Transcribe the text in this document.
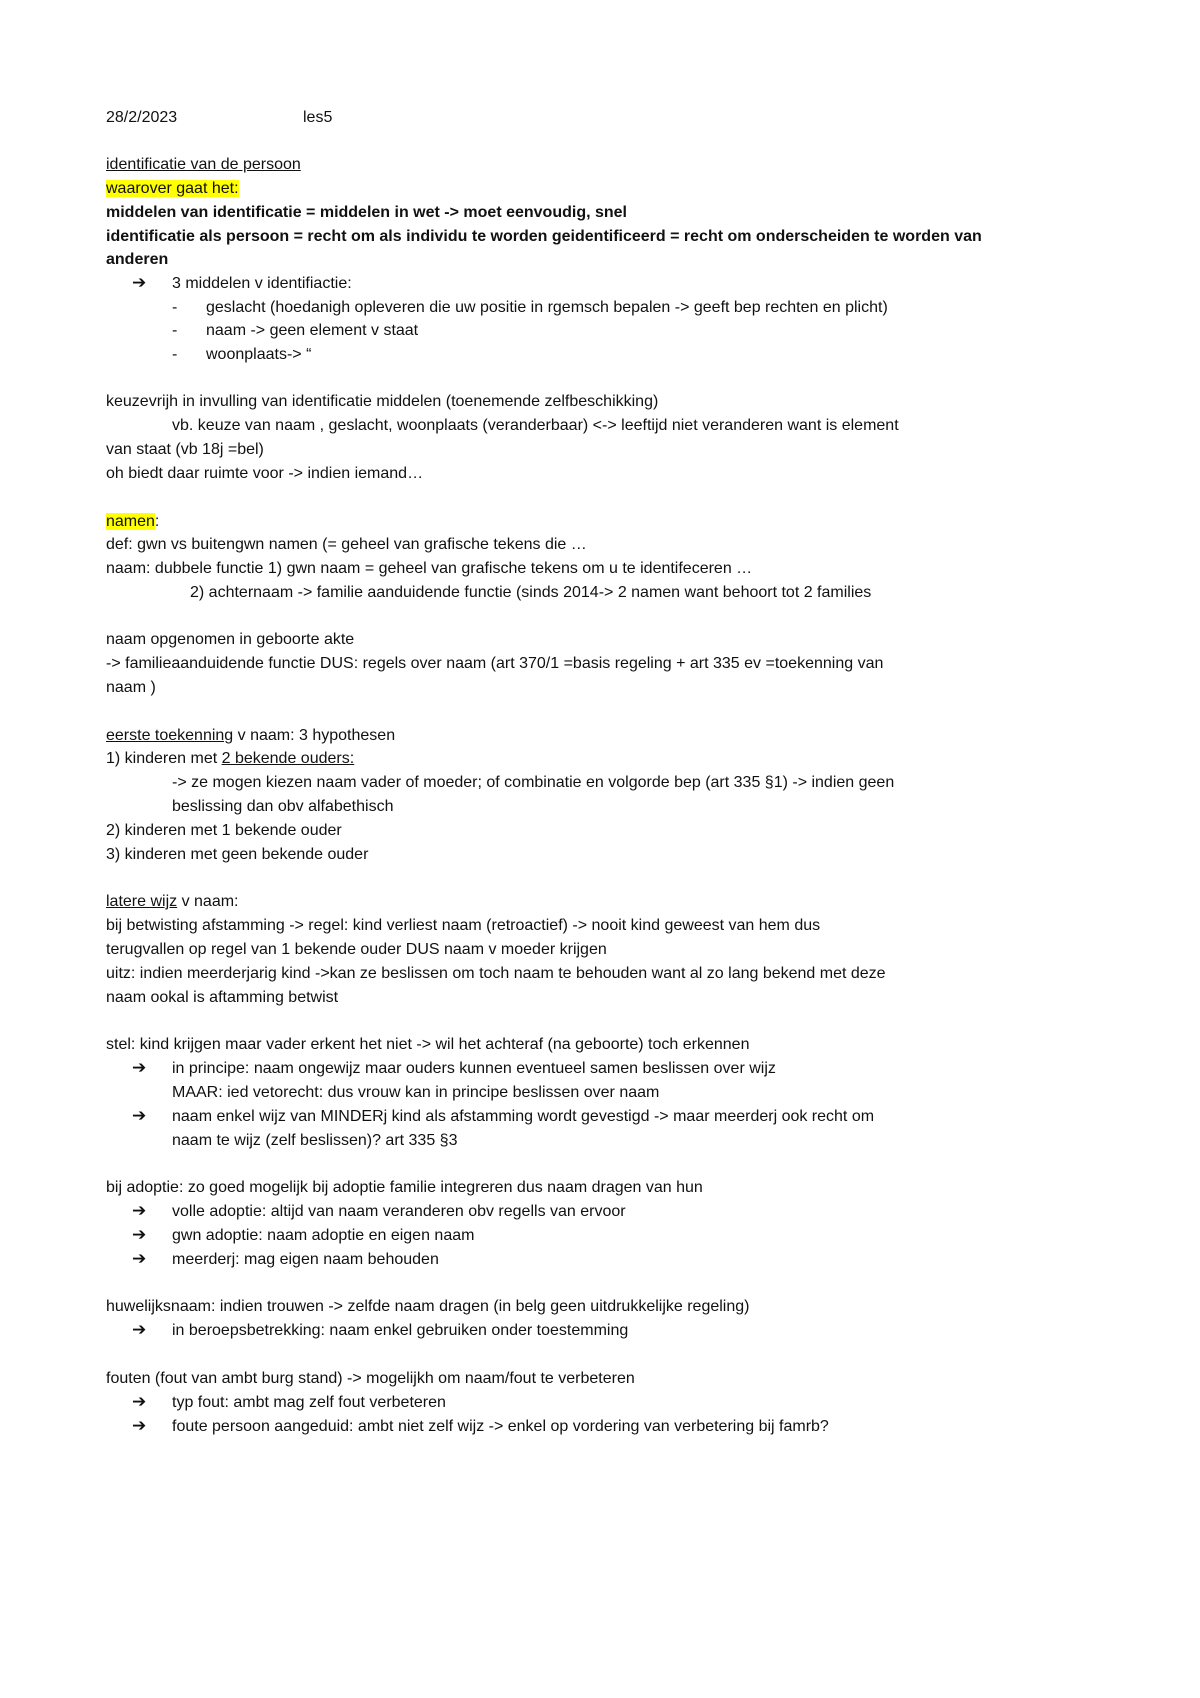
28/2/2023	les5
identificatie van de persoon
waarover gaat het:
middelen van identificatie = middelen in wet -> moet eenvoudig, snel
identificatie als persoon = recht om als individu te worden geidentificeerd = recht om onderscheiden te worden van
anderen
➔ 3 middelen v identifiactie:
- geslacht (hoedanigh opleveren die uw positie in rgemsch bepalen -> geeft bep rechten en plicht)
- naam -> geen element v staat
- woonplaats-> “
keuzevrijh in invulling van identificatie middelen (toenemende zelfbeschikking)
vb. keuze van naam , geslacht, woonplaats (veranderbaar) <-> leeftijd niet veranderen want is element
van staat (vb 18j =bel)
oh biedt daar ruimte voor -> indien iemand…
namen:
def: gwn vs buitengwn namen (= geheel van grafische tekens die …
naam: dubbele functie 1) gwn naam = geheel van grafische tekens om u te identifeceren …
2) achternaam -> familie aanduidende functie (sinds 2014-> 2 namen want behoort tot 2 families
naam opgenomen in geboorte akte
-> familieaanduidende functie DUS: regels over naam (art 370/1 =basis regeling + art 335 ev =toekenning van
naam )
eerste toekenning v naam: 3 hypothesen
1) kinderen met 2 bekende ouders:
-> ze mogen kiezen naam vader of moeder; of combinatie en volgorde bep (art 335 §1) -> indien geen
beslissing dan obv alfabethisch
2) kinderen met 1 bekende ouder
3) kinderen met geen bekende ouder
latere wijz v naam:
bij betwisting afstamming -> regel: kind verliest naam (retroactief) -> nooit kind geweest van hem dus
terugvallen op regel van 1 bekende ouder DUS naam v moeder krijgen
uitz: indien meerderjarig kind ->kan ze beslissen om toch naam te behouden want al zo lang bekend met deze
naam ookal is aftamming betwist
stel: kind krijgen maar vader erkent het niet -> wil het achteraf (na geboorte) toch erkennen
➔ in principe: naam ongewijz maar ouders kunnen eventueel samen beslissen over wijz
MAAR: ied vetorecht: dus vrouw kan in principe beslissen over naam
➔ naam enkel wijz van MINDERj kind als afstamming wordt gevestigd -> maar meerderj ook recht om
naam te wijz (zelf beslissen)? art 335 §3
bij adoptie: zo goed mogelijk bij adoptie familie integreren dus naam dragen van hun
➔ volle adoptie: altijd van naam veranderen obv regells van ervoor
➔ gwn adoptie: naam adoptie en eigen naam
➔ meerderj: mag eigen naam behouden
huwelijksnaam: indien trouwen -> zelfde naam dragen (in belg geen uitdrukkelijke regeling)
➔ in beroepsbetrekking: naam enkel gebruiken onder toestemming
fouten (fout van ambt burg stand) -> mogelijkh om naam/fout te verbeteren
➔ typ fout: ambt mag zelf fout verbeteren
➔ foute persoon aangeduid: ambt niet zelf wijz -> enkel op vordering van verbetering bij famrb?
